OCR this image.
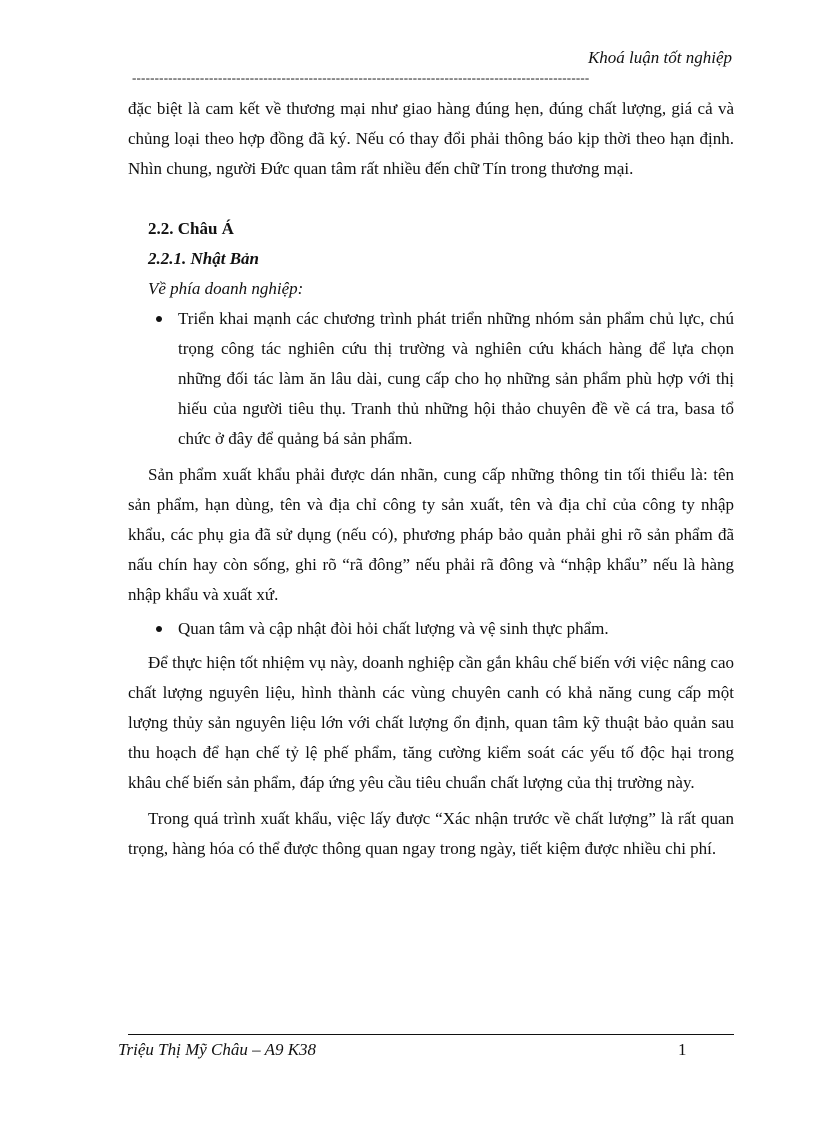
Khoá luận tốt nghiệp
-----------------------------------------------------------------------------------------------------

đặc biệt là cam kết về thương mại như giao hàng đúng hẹn, đúng chất lượng, giá cả và chủng loại theo hợp đồng đã ký. Nếu có thay đổi phải thông báo kịp thời theo hạn định. Nhìn chung, người Đức quan tâm rất nhiều đến chữ Tín trong thương mại.

2.2. Châu Á

2.2.1. Nhật Bản

Về phía doanh nghiệp:

Triển khai mạnh các chương trình phát triển những nhóm sản phẩm chủ lực, chú trọng công tác nghiên cứu thị trường và nghiên cứu khách hàng để lựa chọn những đối tác làm ăn lâu dài, cung cấp cho họ những sản phẩm phù hợp với thị hiếu của người tiêu thụ. Tranh thủ những hội thảo chuyên đề về cá tra, basa tổ chức ở đây để quảng bá sản phẩm.

Sản phẩm xuất khẩu phải được dán nhãn, cung cấp những thông tin tối thiểu là: tên sản phẩm, hạn dùng, tên và địa chỉ công ty sản xuất, tên và địa chỉ của công ty nhập khẩu, các phụ gia đã sử dụng (nếu có), phương pháp bảo quản phải ghi rõ sản phẩm đã nấu chín hay còn sống, ghi rõ “rã đông” nếu phải rã đông và “nhập khẩu” nếu là hàng nhập khẩu và xuất xứ.

Quan tâm và cập nhật đòi hỏi chất lượng và vệ sinh thực phẩm.

Để thực hiện tốt nhiệm vụ này, doanh nghiệp cần gắn khâu chế biến với việc nâng cao chất lượng nguyên liệu, hình thành các vùng chuyên canh có khả năng cung cấp một lượng thủy sản nguyên liệu lớn với chất lượng ổn định, quan tâm kỹ thuật bảo quản sau thu hoạch để hạn chế tỷ lệ phế phẩm, tăng cường kiểm soát các yếu tố độc hại trong khâu chế biến sản phẩm, đáp ứng yêu cầu tiêu chuẩn chất lượng của thị trường này.

Trong quá trình xuất khẩu, việc lấy được “Xác nhận trước về chất lượng” là rất quan trọng, hàng hóa có thể được thông quan ngay trong ngày, tiết kiệm được nhiều chi phí.

Triệu Thị Mỹ Châu – A9 K38	1
